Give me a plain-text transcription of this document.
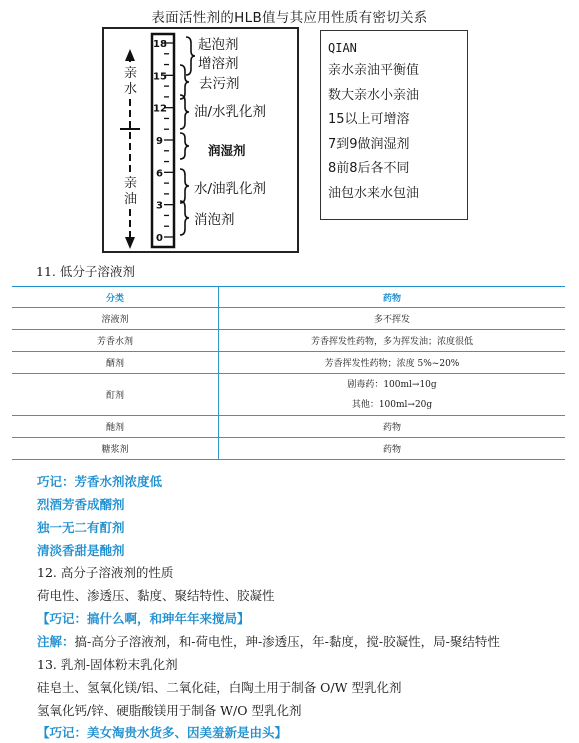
表面活性剂的HLB值与其应用性质有密切关系
亲
水
亲
油
18
15
12
9
6
3
0
起泡剂
增溶剂
去污剂
油/水乳化剂
润湿剂
水/油乳化剂
消泡剂
QIAN
亲水亲油平衡值
数大亲水小亲油
15以上可增溶
7到9做润湿剂
8前8后各不同
油包水来水包油
11. 低分子溶液剂
分类	药物
溶液剂	多不挥发
芳香水剂	芳香挥发性药物，多为挥发油；浓度很低
醑剂	芳香挥发性药物；浓度 5%~20%
酊剂	剧毒药：100ml→10g
其他：100ml→20g

酏剂	药物
糖浆剂	药物
巧记：芳香水剂浓度低
烈酒芳香成醑剂
独一无二有酊剂
清淡香甜是酏剂
12. 高分子溶液剂的性质
荷电性、渗透压、黏度、聚结特性、胶凝性
【巧记：搞什么啊，和珅年年来搅局】
注解：搞-高分子溶液剂，和-荷电性，珅-渗透压，年-黏度，搅-胶凝性，局-聚结特性
13. 乳剂-固体粉末乳化剂
硅皂土、氢氧化镁/铝、二氧化硅，白陶土用于制备 O/W 型乳化剂
氢氧化钙/锌、硬脂酸镁用于制备 W/O 型乳化剂
【巧记：美女淘贵水货多、因美羞新是由头】
